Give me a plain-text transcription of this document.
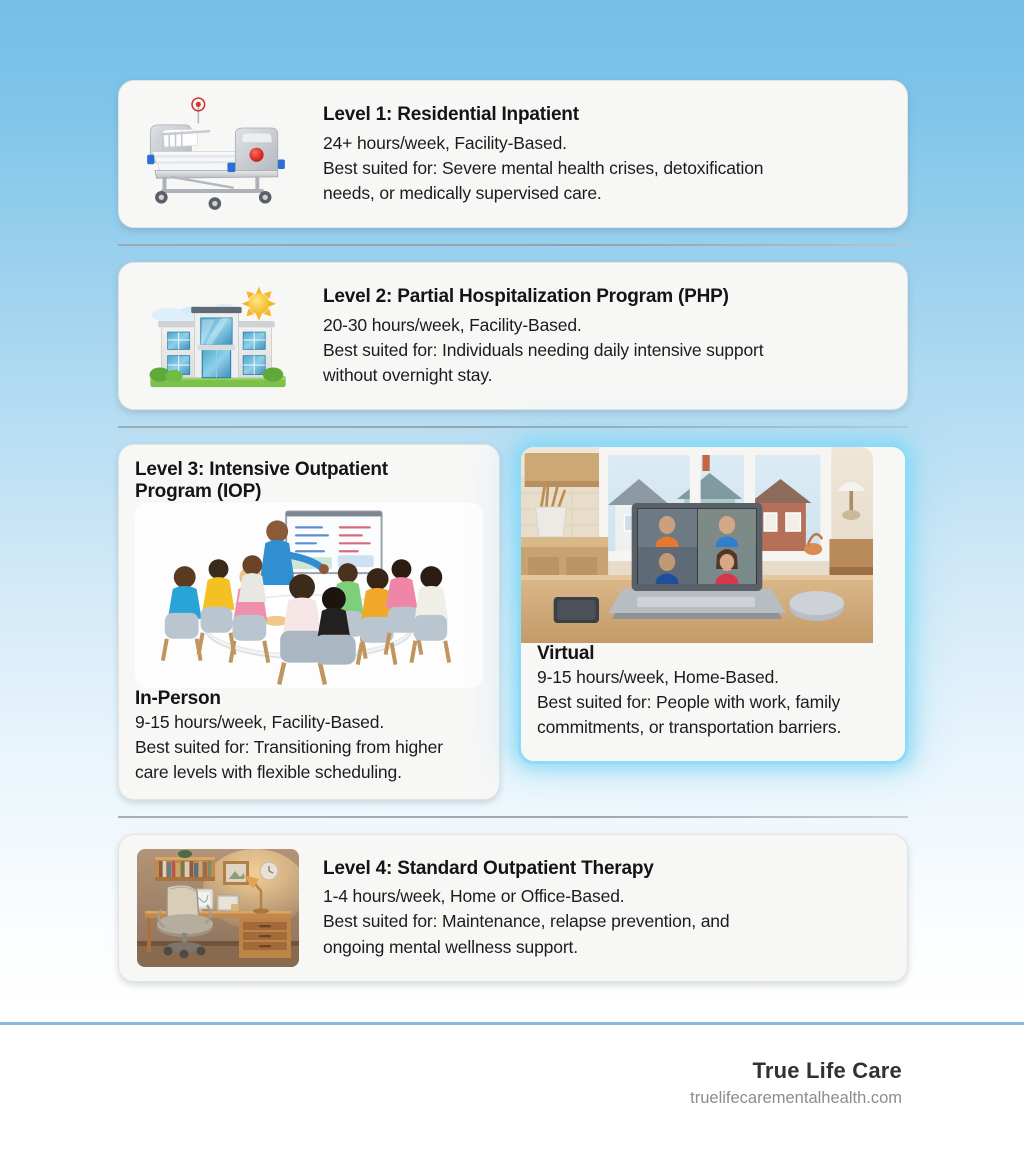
Level 1: Residential Inpatient

24+ hours/week, Facility-Based.

Best suited for: Severe mental health crises, detoxification

needs, or medically supervised care.

Level 2: Partial Hospitalization Program (PHP)

20-30 hours/week, Facility-Based.

Best suited for: Individuals needing daily intensive support

without overnight stay.

Level 3: Intensive Outpatient
Program (IOP)
In-Person

9-15 hours/week, Facility-Based.

Best suited for: Transitioning from higher

care levels with flexible scheduling.

Virtual

9-15 hours/week, Home-Based.

Best suited for: People with work, family

commitments, or transportation barriers.

Level 4: Standard Outpatient Therapy

1-4 hours/week, Home or Office-Based.

Best suited for: Maintenance, relapse prevention, and

ongoing mental wellness support.

True Life Care
truelifecarementalhealth.com
